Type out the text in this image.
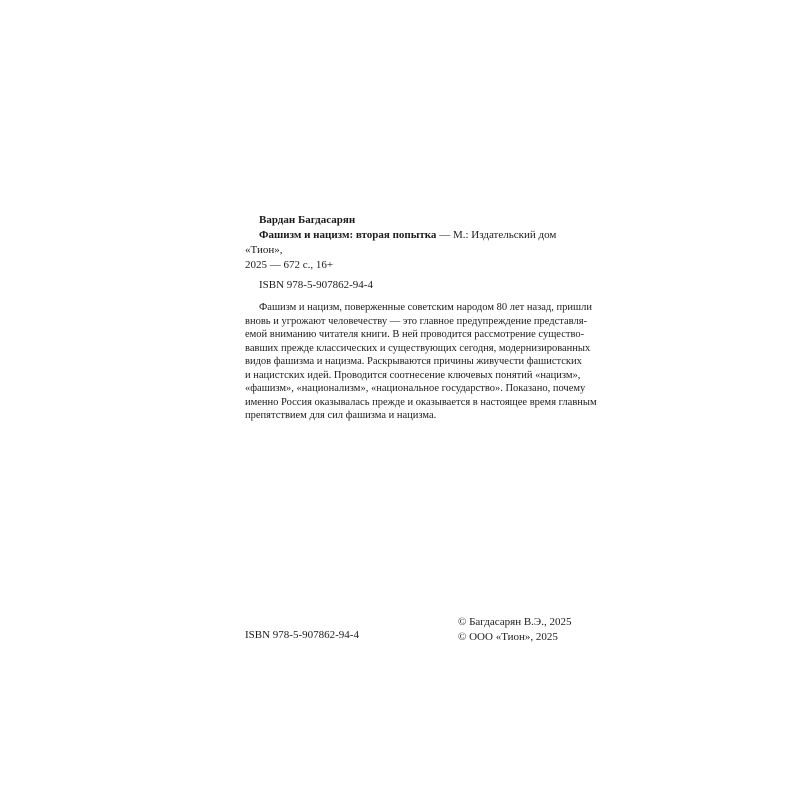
Вардан Багдасарян
Фашизм и нацизм: вторая попытка — М.: Издательский дом «Тион»,
2025 — 672 с., 16+
ISBN 978-5-907862-94-4
Фашизм и нацизм, поверженные советским народом 80 лет назад, пришли
вновь и угрожают человечеству — это главное предупреждение представля-
емой вниманию читателя книги. В ней проводится рассмотрение существо-
вавших прежде классических и существующих сегодня, модернизированных
видов фашизма и нацизма. Раскрываются причины живучести фашистских
и нацистских идей. Проводится соотнесение ключевых понятий «нацизм»,
«фашизм», «национализм», «национальное государство». Показано, почему
именно Россия оказывалась прежде и оказывается в настоящее время главным
препятствием для сил фашизма и нацизма.
ISBN 978-5-907862-94-4
© Багдасарян В.Э., 2025
© ООО «Тион», 2025
